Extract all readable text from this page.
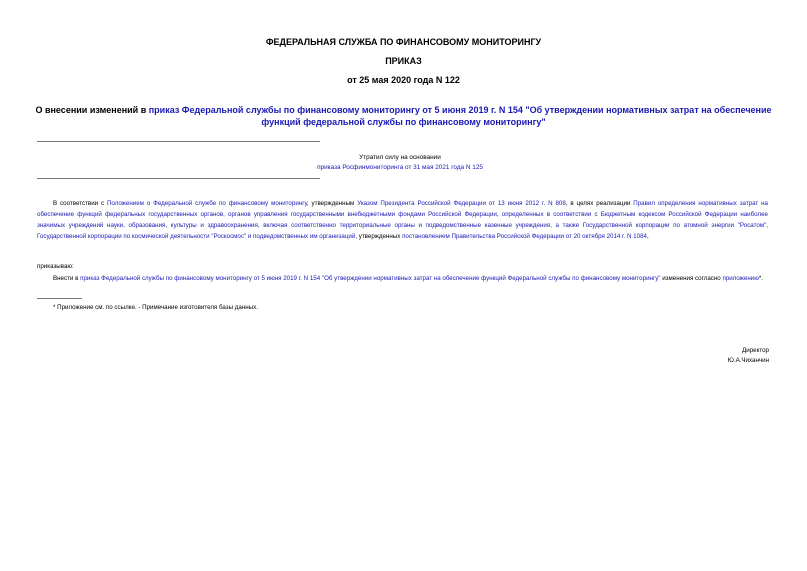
ФЕДЕРАЛЬНАЯ СЛУЖБА ПО ФИНАНСОВОМУ МОНИТОРИНГУ
ПРИКАЗ
от 25 мая 2020 года N 122
О внесении изменений в приказ Федеральной службы по финансовому мониторингу от 5 июня 2019 г. N 154 "Об утверждении нормативных затрат на обеспечение функций федеральной службы по финансовому мониторингу"
Утратил силу на основании
приказа Росфинмониторинга от 31 мая 2021 года N 125
В соответствии с Положением о Федеральной службе по финансовому мониторингу, утвержденным Указом Президента Российской Федерации от 13 июня 2012 г. N 808, в целях реализации Правил определения нормативных затрат на обеспечение функций федеральных государственных органов, органов управления государственными внебюджетными фондами Российской Федерации, определенных в соответствии с Бюджетным кодексом Российской Федерации наиболее значимых учреждений науки, образования, культуры и здравоохранения, включая соответственно территориальные органы и подведомственные казенные учреждения, а также Государственной корпорации по атомной энергии "Росатом", Государственной корпорации по космической деятельности "Роскосмос" и подведомственных им организаций, утвержденных постановлением Правительства Российской Федерации от 20 октября 2014 г. N 1084,
приказываю:
Внести в приказ Федеральной службы по финансовому мониторингу от 5 июня 2019 г. N 154 "Об утверждении нормативных затрат на обеспечение функций Федеральной службы по финансовому мониторингу" изменения согласно приложению*.
* Приложение см. по ссылке. - Примечание изготовителя базы данных.
Директор
Ю.А.Чиханчин
